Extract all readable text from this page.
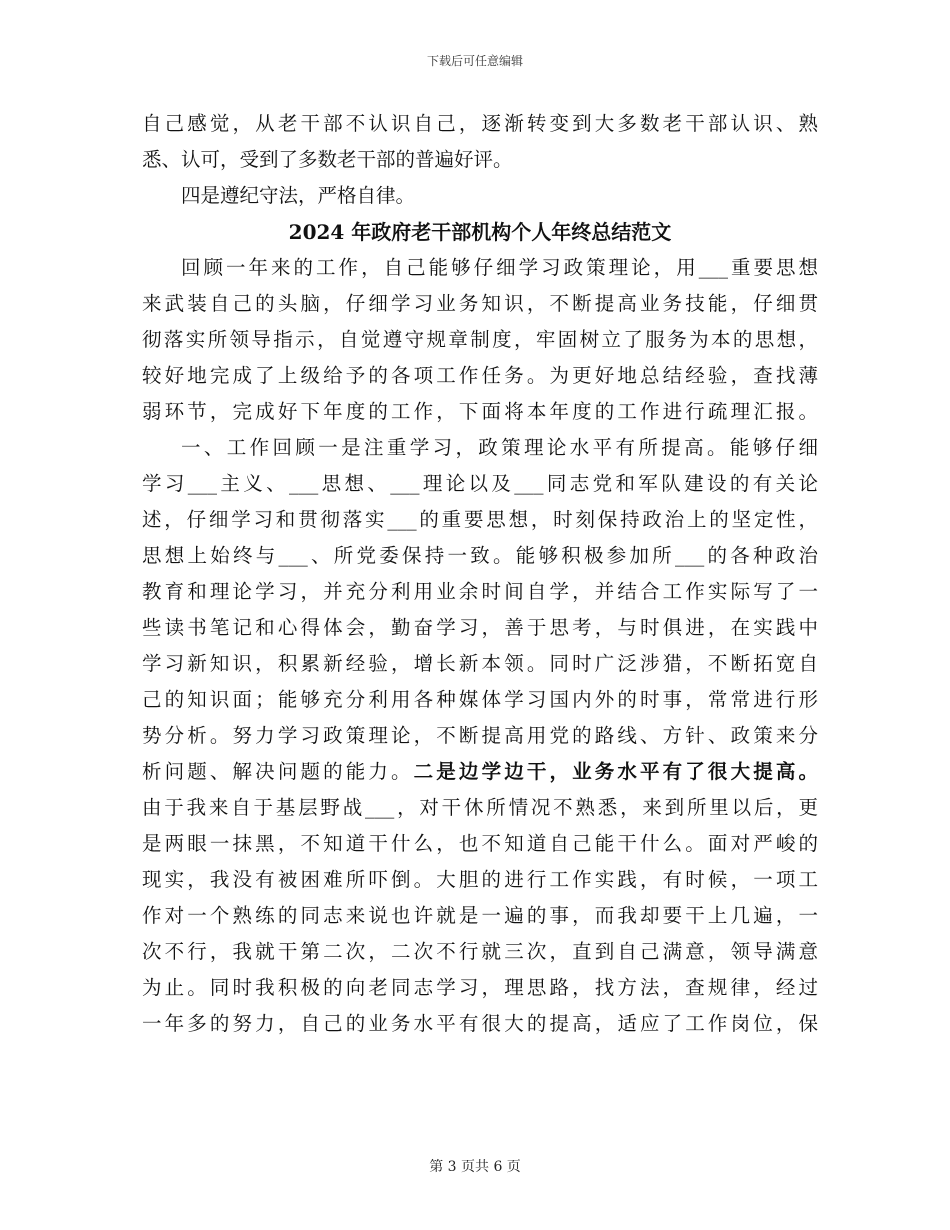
下载后可任意编辑
自己感觉，从老干部不认识自己，逐渐转变到大多数老干部认识、熟
悉、认可，受到了多数老干部的普遍好评。
四是遵纪守法，严格自律。
2024 年政府老干部机构个人年终总结范文
回顾一年来的工作，自己能够仔细学习政策理论，用___重要思想
来武装自己的头脑，仔细学习业务知识，不断提高业务技能，仔细贯
彻落实所领导指示，自觉遵守规章制度，牢固树立了服务为本的思想，
较好地完成了上级给予的各项工作任务。为更好地总结经验，查找薄
弱环节，完成好下年度的工作，下面将本年度的工作进行疏理汇报。
一、工作回顾一是注重学习，政策理论水平有所提高。能够仔细
学习___主义、___思想、___理论以及___同志党和军队建设的有关论
述，仔细学习和贯彻落实___的重要思想，时刻保持政治上的坚定性，
思想上始终与___、所党委保持一致。能够积极参加所___的各种政治
教育和理论学习，并充分利用业余时间自学，并结合工作实际写了一
些读书笔记和心得体会，勤奋学习，善于思考，与时俱进，在实践中
学习新知识，积累新经验，增长新本领。同时广泛涉猎，不断拓宽自
己的知识面；能够充分利用各种媒体学习国内外的时事，常常进行形
势分析。努力学习政策理论，不断提高用党的路线、方针、政策来分
析问题、解决问题的能力。二是边学边干，业务水平有了很大提高。
由于我来自于基层野战___，对干休所情况不熟悉，来到所里以后，更
是两眼一抹黑，不知道干什么，也不知道自己能干什么。面对严峻的
现实，我没有被困难所吓倒。大胆的进行工作实践，有时候，一项工
作对一个熟练的同志来说也许就是一遍的事，而我却要干上几遍，一
次不行，我就干第二次，二次不行就三次，直到自己满意，领导满意
为止。同时我积极的向老同志学习，理思路，找方法，查规律，经过
一年多的努力，自己的业务水平有很大的提高，适应了工作岗位，保
第 3 页共 6 页
